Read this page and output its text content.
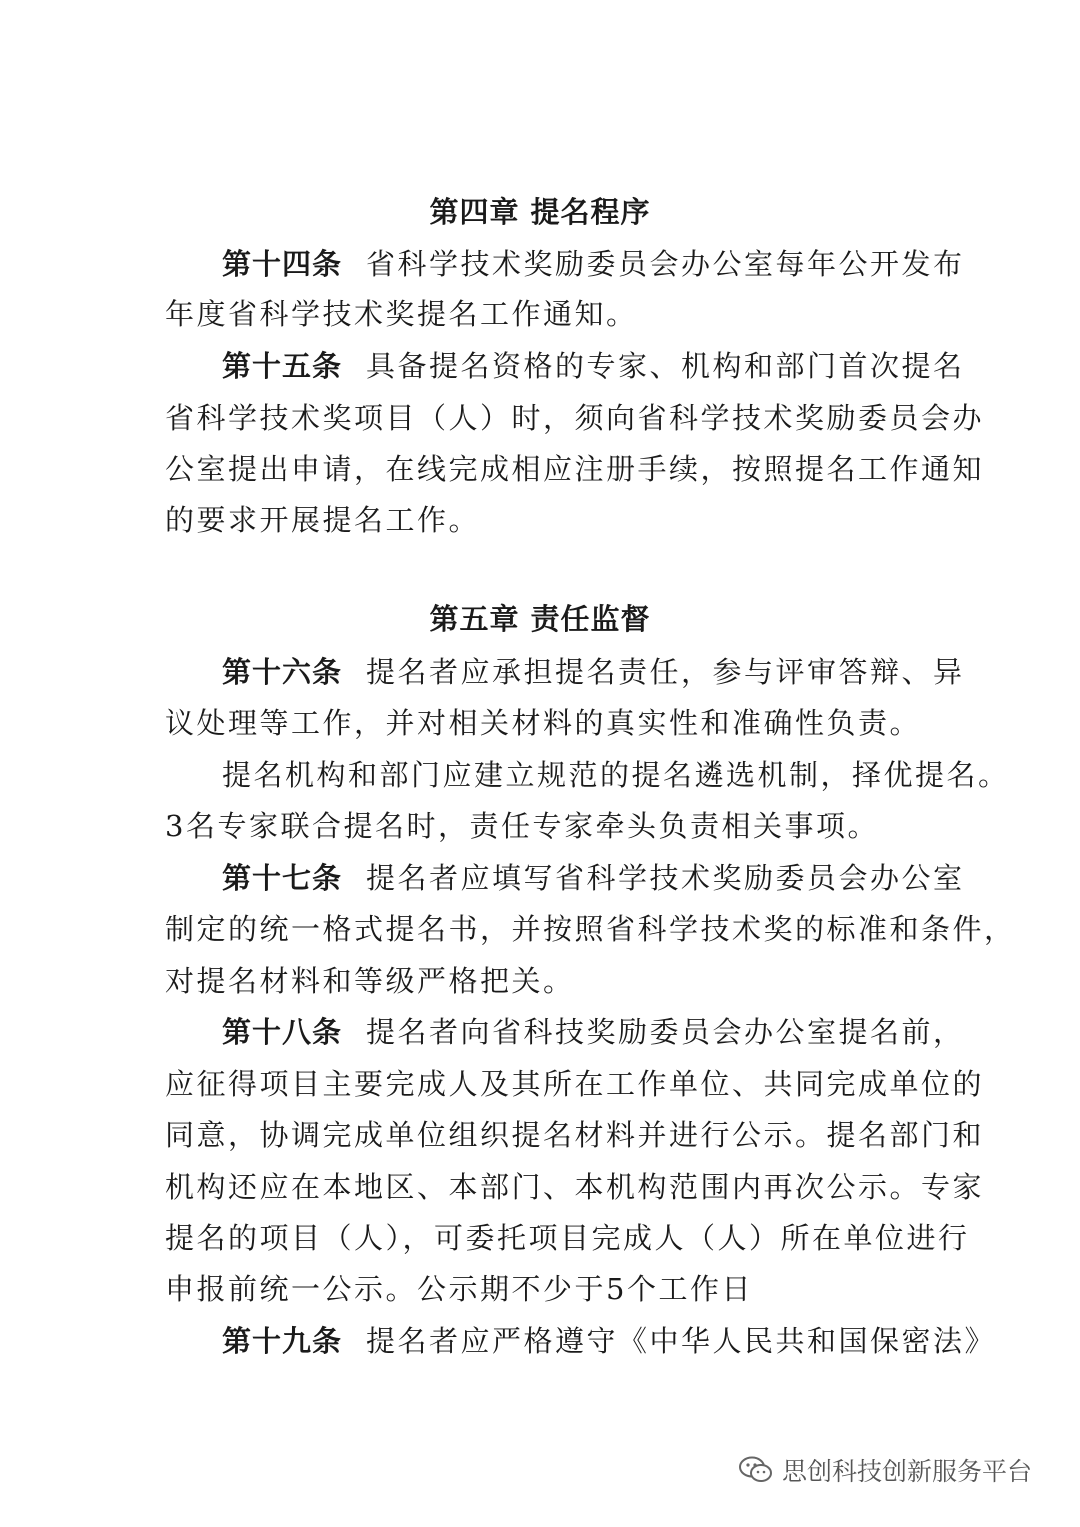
第四章 提名程序
第十四条 省科学技术奖励委员会办公室每年公开发布
年度省科学技术奖提名工作通知。
第十五条 具备提名资格的专家、机构和部门首次提名
省科学技术奖项目（人）时，须向省科学技术奖励委员会办
公室提出申请，在线完成相应注册手续，按照提名工作通知
的要求开展提名工作。
第五章 责任监督
第十六条 提名者应承担提名责任，参与评审答辩、异
议处理等工作，并对相关材料的真实性和准确性负责。
提名机构和部门应建立规范的提名遴选机制，择优提名。
3名专家联合提名时，责任专家牵头负责相关事项。
第十七条 提名者应填写省科学技术奖励委员会办公室
制定的统一格式提名书，并按照省科学技术奖的标准和条件，
对提名材料和等级严格把关。
第十八条 提名者向省科技奖励委员会办公室提名前，
应征得项目主要完成人及其所在工作单位、共同完成单位的
同意，协调完成单位组织提名材料并进行公示。提名部门和
机构还应在本地区、本部门、本机构范围内再次公示。专家
提名的项目（人），可委托项目完成人（人）所在单位进行
申报前统一公示。公示期不少于5个工作日
第十九条 提名者应严格遵守《中华人民共和国保密法》
思创科技创新服务平台
